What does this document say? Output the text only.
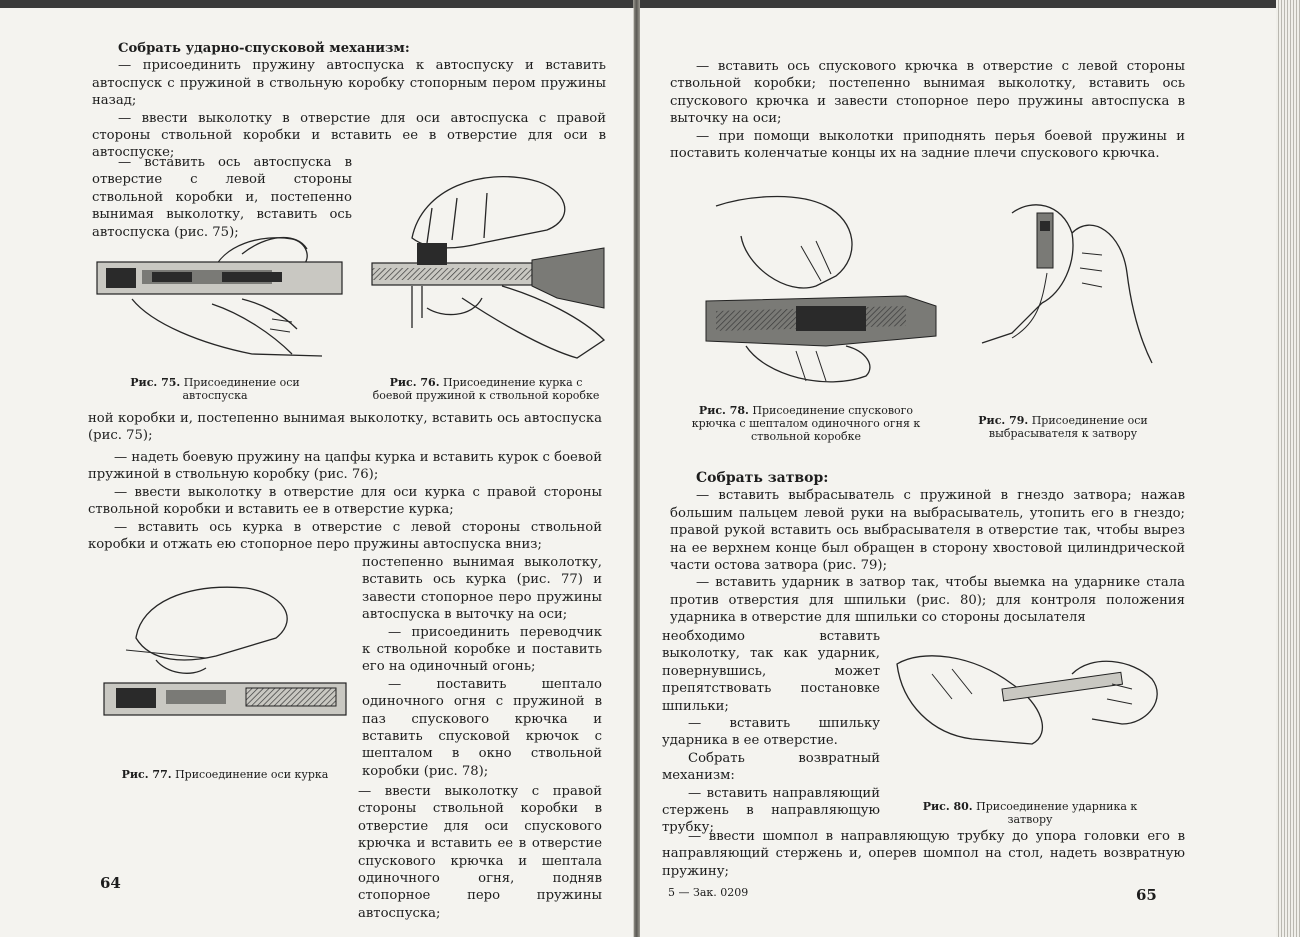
Собрать ударно-спусковой механизм:

— присоединить пружину автоспуска к автоспуску и вставить автоспуск с пружиной в ствольную коробку стопорным пером пружины назад;

— ввести выколотку в отверстие для оси автоспуска с правой стороны ствольной коробки и вставить ее в отверстие для оси в автоспуске;

— вставить ось автоспуска в отверстие с левой стороны ствольной коробки и, постепенно вынимая выколотку, вставить ось автоспуска (рис. 75);

ной коробки и, постепенно вынимая выколотку, вставить ось автоспуска (рис. 75);

Рис. 75. Присоединение оси автоспуска
Рис. 76. Присоединение курка с боевой пружиной к ствольной коробке

— надеть боевую пружину на цапфы курка и вставить курок с боевой пружиной в ствольную коробку (рис. 76);

— ввести выколотку в отверстие для оси курка с правой стороны ствольной коробки и вставить ее в отверстие курка;

— вставить ось курка в отверстие с левой стороны ствольной коробки и отжать ею стопорное перо пружины автоспуска вниз;

Рис. 77. Присоединение оси курка

постепенно вынимая выколотку, вставить ось курка (рис. 77) и завести стопорное перо пружины автоспуска в выточку на оси;

— присоединить переводчик к ствольной коробке и поставить его на одиночный огонь;

— поставить шептало одиночного огня с пружиной в паз спускового крючка и вставить спусковой крючок с шепталом в окно ствольной коробки (рис. 78);

— ввести выколотку с правой стороны ствольной коробки в отверстие для оси спускового крючка и вставить ее в отверстие спускового крючка и шептала одиночного огня, подняв стопорное перо пружины автоспуска;

64

— вставить ось спускового крючка в отверстие с левой стороны ствольной коробки; постепенно вынимая выколотку, вставить ось спускового крючка и завести стопорное перо пружины автоспуска в выточку на оси;

— при помощи выколотки приподнять перья боевой пружины и поставить коленчатые концы их на задние плечи спускового крючка.

Рис. 78. Присоединение спускового крючка с шепталом одиночного огня к ствольной коробке
Рис. 79. Присоединение оси выбрасывателя к затвору

Собрать затвор:

— вставить выбрасыватель с пружиной в гнездо затвора; нажав большим пальцем левой руки на выбрасыватель, утопить его в гнездо; правой рукой вставить ось выбрасывателя в отверстие так, чтобы вырез на ее верхнем конце был обращен в сторону хвостовой цилиндрической части остова затвора (рис. 79);

— вставить ударник в затвор так, чтобы выемка на ударнике стала против отверстия для шпильки (рис. 80); для контроля положения ударника в отверстие для шпильки со стороны досылателя

необходимо вставить выколотку, так как ударник, повернувшись, может препятствовать постановке шпильки;

— вставить шпильку ударника в ее отверстие.

Собрать возвратный механизм:

— вставить направляющий стержень в направляющую трубку;

Рис. 80. Присоединение ударника к затвору

— ввести шомпол в направляющую трубку до упора головки его в направляющий стержень и, оперев шомпол на стол, надеть возвратную пружину;

5 — Зак. 0209	65
